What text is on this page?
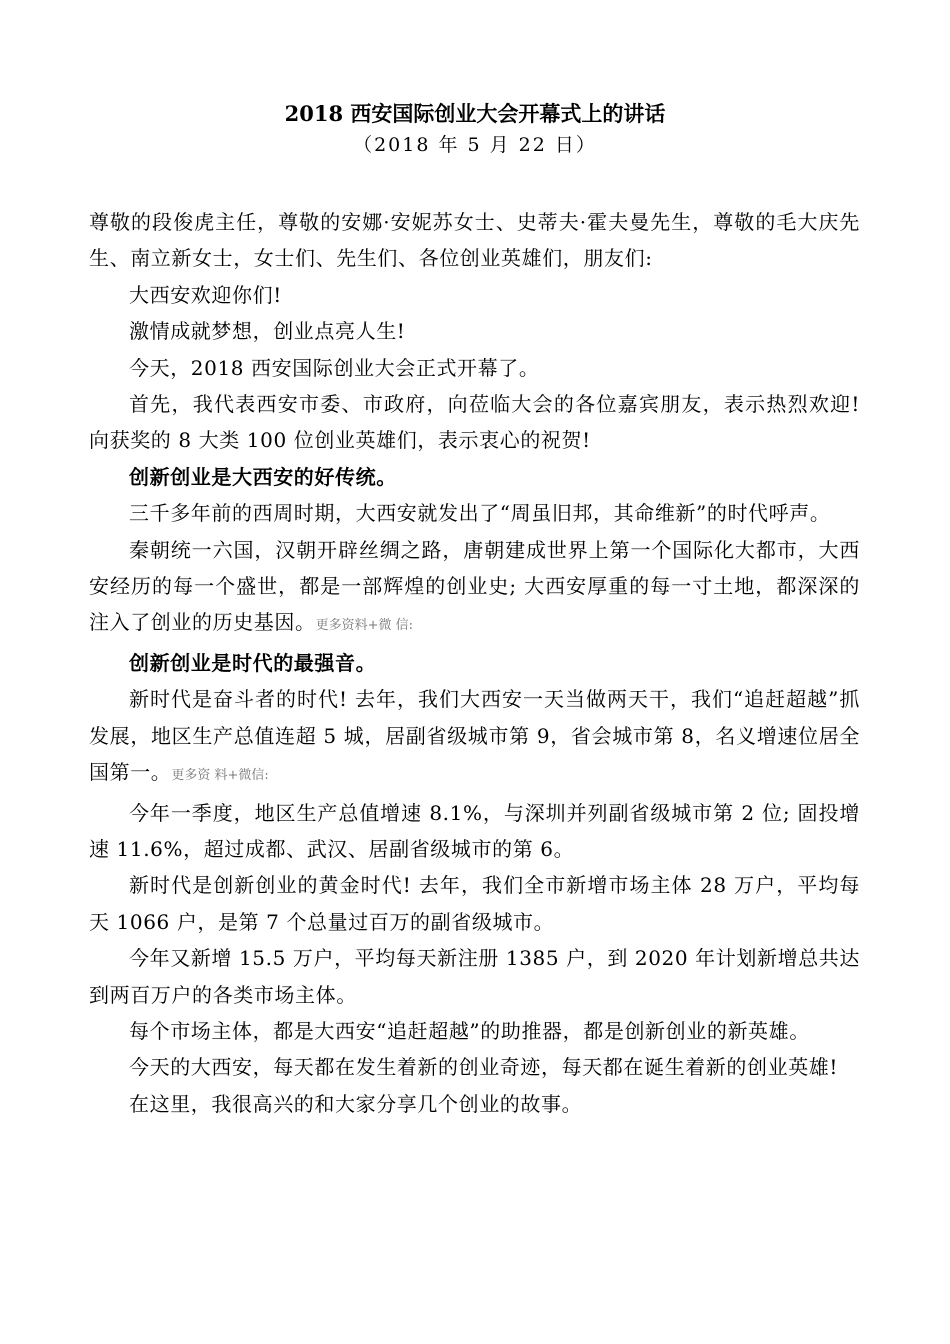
2018 西安国际创业大会开幕式上的讲话
（2018 年 5 月 22 日）

尊敬的段俊虎主任，尊敬的安娜·安妮苏女士、史蒂夫·霍夫曼先生，尊敬的毛大庆先生、南立新女士，女士们、先生们、各位创业英雄们，朋友们:

大西安欢迎你们!

激情成就梦想，创业点亮人生!

今天，2018 西安国际创业大会正式开幕了。

首先，我代表西安市委、市政府，向莅临大会的各位嘉宾朋友，表示热烈欢迎! 向获奖的 8 大类 100 位创业英雄们，表示衷心的祝贺!

创新创业是大西安的好传统。

三千多年前的西周时期，大西安就发出了“周虽旧邦，其命维新”的时代呼声。

秦朝统一六国，汉朝开辟丝绸之路，唐朝建成世界上第一个国际化大都市，大西安经历的每一个盛世，都是一部辉煌的创业史; 大西安厚重的每一寸土地，都深深的注入了创业的历史基因。更多资料+微 信:

创新创业是时代的最强音。

新时代是奋斗者的时代! 去年，我们大西安一天当做两天干，我们“追赶超越”抓发展，地区生产总值连超 5 城，居副省级城市第 9，省会城市第 8，名义增速位居全国第一。更多资 料+微信:

今年一季度，地区生产总值增速 8.1%，与深圳并列副省级城市第 2 位; 固投增速 11.6%，超过成都、武汉、居副省级城市的第 6。

新时代是创新创业的黄金时代! 去年，我们全市新增市场主体 28 万户，平均每天 1066 户，是第 7 个总量过百万的副省级城市。

今年又新增 15.5 万户，平均每天新注册 1385 户，到 2020 年计划新增总共达到两百万户的各类市场主体。

每个市场主体，都是大西安“追赶超越”的助推器，都是创新创业的新英雄。

今天的大西安，每天都在发生着新的创业奇迹，每天都在诞生着新的创业英雄!

在这里，我很高兴的和大家分享几个创业的故事。
